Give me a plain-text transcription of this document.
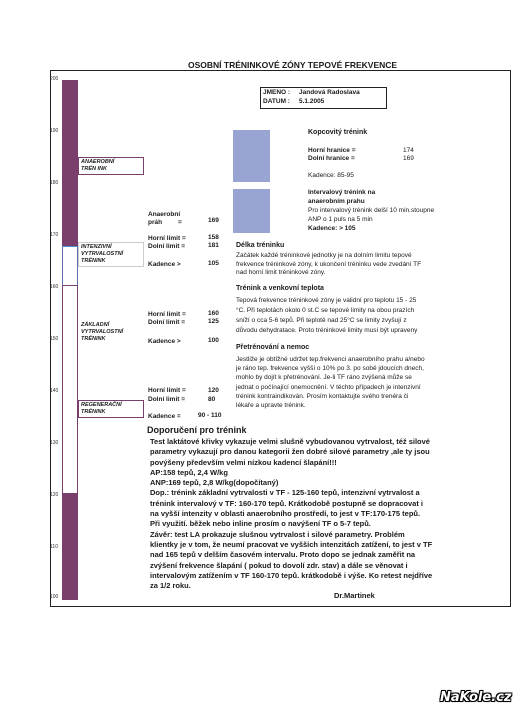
OSOBNÍ TRÉNINKOVÉ ZÓNY TEPOVÉ FREKVENCE
JMENO : Jandová Radoslava
DATUM : 5.1.2005
200
190
180
170
160
150
140
130
120
110
100
ANAEROBNÍ
TRÉN INK
INTENZIVNÍ
VYTRVALOSTNÍ
TRÉNINK
ZÁKLADNÍ
VYTRVALOSTNÍ
TRÉNINK
REGENERAČNÍ
TRÉNINK
Anaerobní
práh =	169
Horní limit =	158
Dolní limit =	181
Kadence >	105
Horní limit =	160
Dolní limit =	125
Kadence >	100
Horní limit =	120
Dolní limit =	80
Kadence =	90 - 110
Kopcovitý trénink
Horní hranice =	174
Dolní hranice =	169
Kadence: 85-95
Intervalový trénink na
anaerobním prahu
Pro intervalový trénink delší 10 min.stoupne
ANP o 1 puls na 5 min
Kadence: > 105
Délka tréninku
Začátek každé tréninkové jednotky je na dolním limitu tepové
frekvence tréninkové zóny, k ukončení tréninku vede zvedání TF
nad horní limit tréninkové zóny.
Trénink a venkovní teplota
Tepová frekvence tréninkové zóny je validní pro teplotu 15 - 25
°C. Při teplotách okolo 0 st.C se tepové limity na obou prazích
sníží o cca 5-6 tepů. Při teplotě nad 25°C se limity zvyšují z
důvodu dehydratace. Proto tréninkové limity musí být upraveny
Přetrénování a nemoc
Jestliže je obtížné udržet tep.frekvenci anaerobního prahu a/nebo
je ráno tep. frekvence vyšší o 10% po 3. po sobě jdoucích dnech,
mohlo by dojít k přetrénování. Je-li TF ráno zvýšená může se
jednat o počínající onemocnění. V těchto případech je intenzivní
trénink kontraindikován. Prosím kontaktujte svého trenéra či
lékaře a upravte trénink.
Doporučení pro trénink
Test laktátové křivky vykazuje velmi slušně vybudovanou vytrvalost, též silové
parametry vykazují pro danou kategorii žen dobré silové parametry ,ale ty jsou
povýšeny především velmi nízkou kadencí šlapání!!!
AP:158 tepů, 2,4 W/kg
ANP:169 tepů, 2,8 W/kg(dopočítaný)
Dop.: trénink základní vytrvalosti v TF - 125-160 tepů, intenzivní vytrvalost a
trénink intervalový v TF: 160-170 tepů. Krátkodobě postupně se dopracovat i
na vyšší intenzity v oblasti anaerobního prostředí, to jest v TF:170-175 tepů.
Při využití. běžek nebo inline prosím o navýšení TF o 5-7 tepů.
Závěr: test LA prokazuje slušnou vytrvalost i silové parametry. Problém
klientky je v tom, že neumí pracovat ve vyšších intenzitách zatížení, to jest v TF
nad 165 tepů v delším časovém intervalu. Proto dopo se jednak zaměřit na
zvýšení frekvence šlapání ( pokud to dovolí zdr. stav) a dále se věnovat i
intervalovým zatížením v TF 160-170 tepů. krátkodobě i výše. Ko retest nejdříve
za 1/2 roku.
Dr.Martinek
NaKole.cz
